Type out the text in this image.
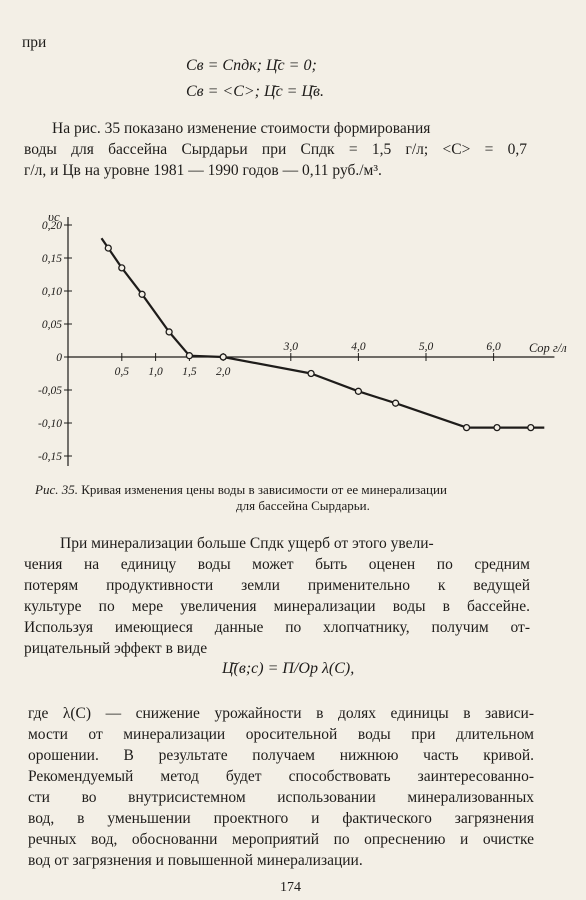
при
Cв = Cпдк; Ц̄с = 0;
Cв = <C>; Ц̄с = Ц̄в.
На рис. 35 показано изменение стоимости формирования
воды для бассейна Сырдарьи при Cпдк = 1,5 г/л; <C> = 0,7
г/л, и Цв на уровне 1981 — 1990 годов — 0,11 руб./м³.
υc
Cор г/л
0,20
0,15
0,10
0,05
0
-0,05
-0,10
-0,15
0,5 1,0 1,5 2,0
3,0	4,0	5,0	6,0
Рис. 35. Кривая изменения цены воды в зависимости от ее минерализации
для бассейна Сырдарьи.
При минерализации больше Cпдк ущерб от этого увели-
чения на единицу воды может быть оценен по средним
потерям продуктивности земли применительно к ведущей
культуре по мере увеличения минерализации воды в бассейне.
Используя имеющиеся данные по хлопчатнику, получим от-
рицательный эффект в виде
Ц̄(в;с) = П/Oр λ(C),
где λ(C) — снижение урожайности в долях единицы в зависи-
мости от минерализации оросительной воды при длительном
орошении. В результате получаем нижнюю часть кривой.
Рекомендуемый метод будет способствовать заинтересованно-
сти во внутрисистемном использовании минерализованных
вод, в уменьшении проектного и фактического загрязнения
речных вод, обоснованни мероприятий по опреснению и очистке
вод от загрязнения и повышенной минерализации.
174
